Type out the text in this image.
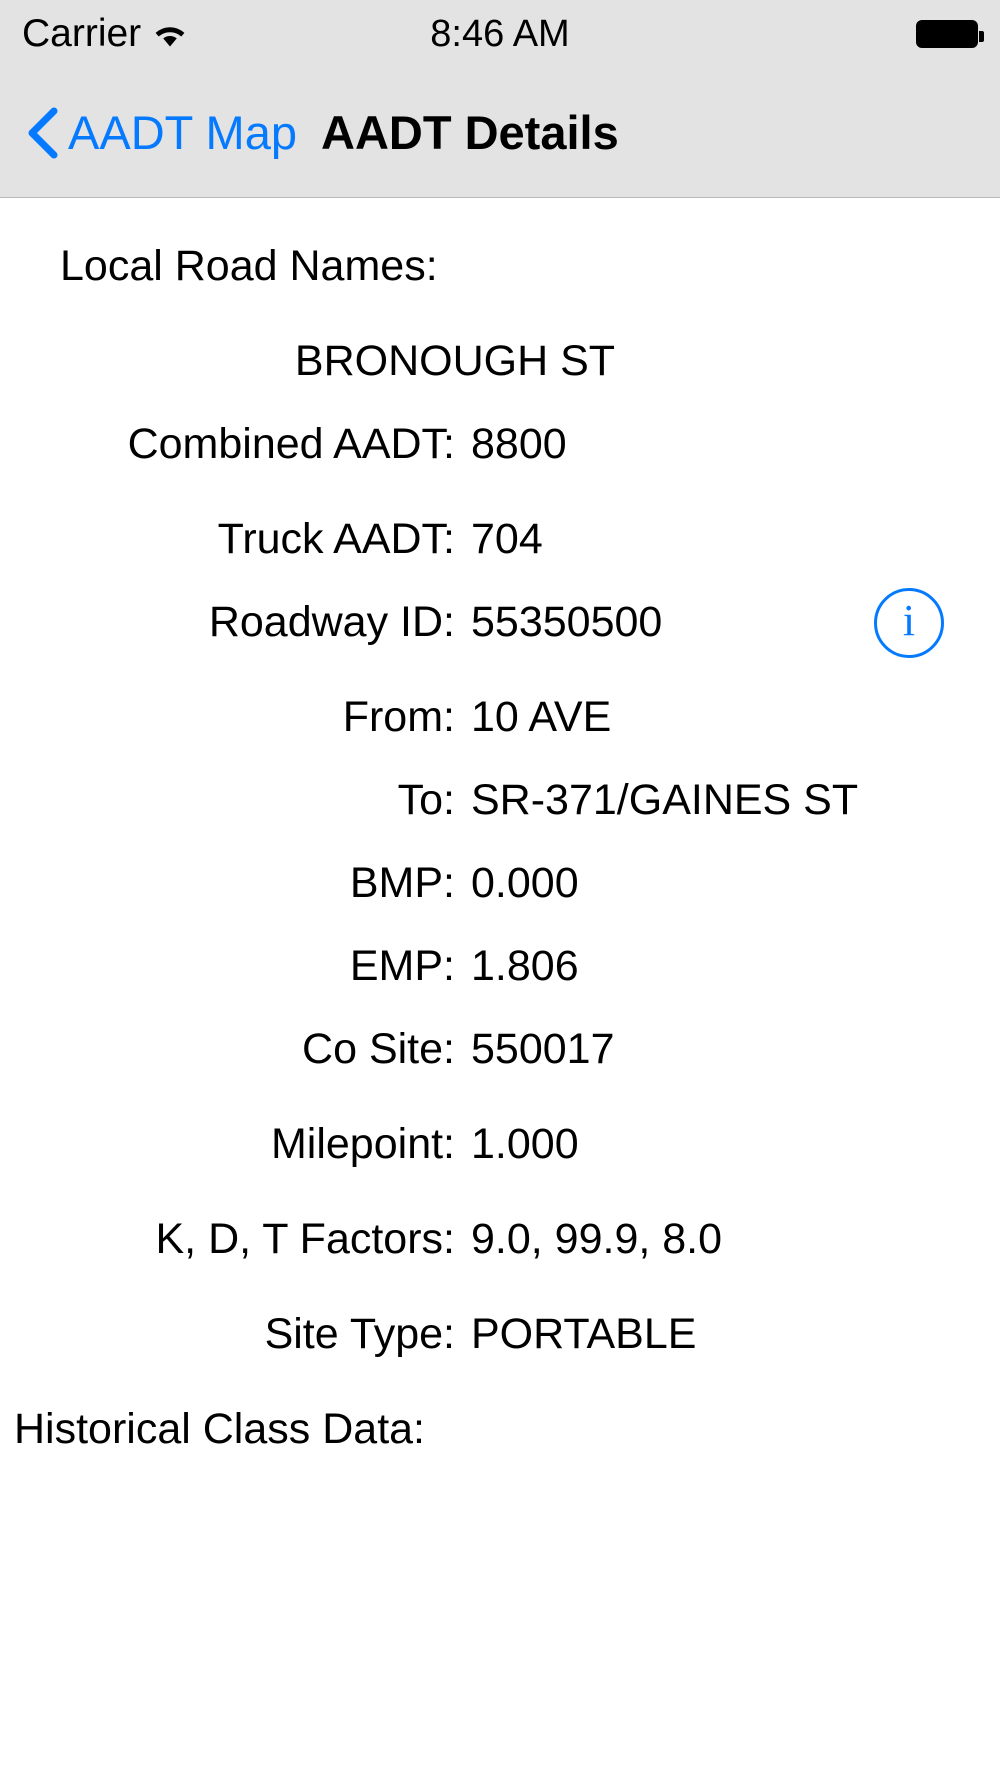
Carrier	8:46 AM
AADT Map AADT Details
i
Local Road Names:
BRONOUGH ST
Combined AADT: 8800
Truck AADT: 704
Roadway ID: 55350500
From: 10 AVE
To: SR-371/GAINES ST
BMP: 0.000
EMP: 1.806
Co Site: 550017
Milepoint: 1.000
K, D, T Factors: 9.0, 99.9, 8.0
Site Type: PORTABLE
Historical Class Data:
